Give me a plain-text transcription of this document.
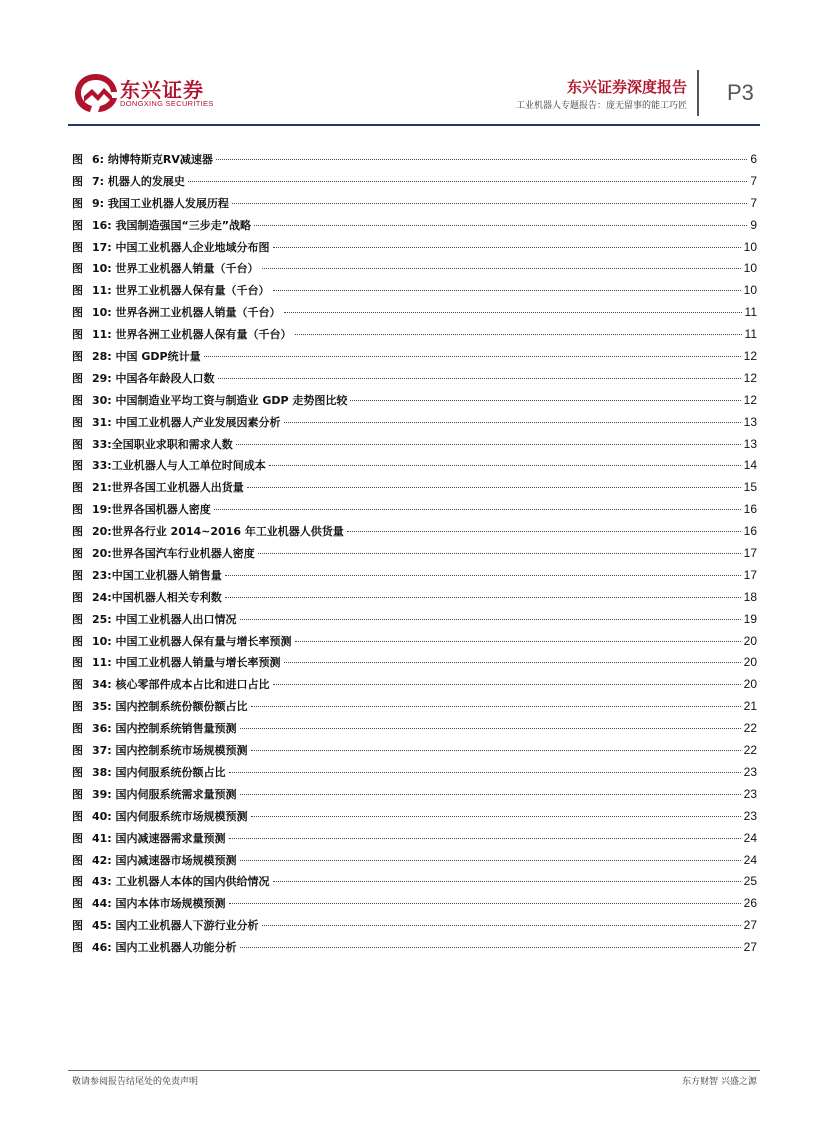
东兴证券
DONGXING SECURITIES
东兴证券深度报告
工业机器人专题报告：庞无留事的能工巧匠
P3
图 6: 纳博特斯克RV减速器	6
图 7: 机器人的发展史	7
图 9: 我国工业机器人发展历程	7
图 16: 我国制造强国“三步走”战略	9
图 17: 中国工业机器人企业地域分布图	10
图 10: 世界工业机器人销量（千台）	10
图 11: 世界工业机器人保有量（千台）	10
图 10: 世界各洲工业机器人销量（千台）	11
图 11: 世界各洲工业机器人保有量（千台）	11
图 28: 中国 GDP统计量	12
图 29: 中国各年龄段人口数	12
图 30: 中国制造业平均工资与制造业 GDP 走势图比较	12
图 31: 中国工业机器人产业发展因素分析	13
图 33:全国职业求职和需求人数	13
图 33:工业机器人与人工单位时间成本	14
图 21:世界各国工业机器人出货量	15
图 19:世界各国机器人密度	16
图 20:世界各行业 2014~2016 年工业机器人供货量	16
图 20:世界各国汽车行业机器人密度	17
图 23:中国工业机器人销售量	17
图 24:中国机器人相关专利数	18
图 25: 中国工业机器人出口情况	19
图 10: 中国工业机器人保有量与增长率预测	20
图 11: 中国工业机器人销量与增长率预测	20
图 34: 核心零部件成本占比和进口占比	20
图 35: 国内控制系统份额份额占比	21
图 36: 国内控制系统销售量预测	22
图 37: 国内控制系统市场规模预测	22
图 38: 国内伺服系统份额占比	23
图 39: 国内伺服系统需求量预测	23
图 40: 国内伺服系统市场规模预测	23
图 41: 国内减速器需求量预测	24
图 42: 国内减速器市场规模预测	24
图 43: 工业机器人本体的国内供给情况	25
图 44: 国内本体市场规模预测	26
图 45: 国内工业机器人下游行业分析	27
图 46: 国内工业机器人功能分析	27
敬请参阅报告结尾处的免责声明	东方财智 兴盛之源
